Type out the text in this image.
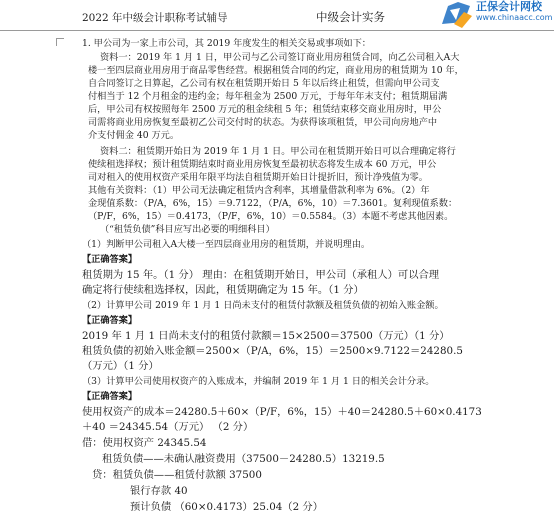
2022 年中级会计职称考试辅导	中级会计实务
正保会计网校
www.chinaacc.com
1. 甲公司为一家上市公司，其 2019 年度发生的相关交易或事项如下：
资料一：2019 年 1 月 1 日，甲公司与乙公司签订商业用房租赁合同，向乙公司租入A大
楼一至四层商业用房用于商品零售经营。根据租赁合同的约定，商业用房的租赁期为 10 年，
自合同签订之日算起，乙公司有权在租赁期开始日 5 年以后终止租赁，但需向甲公司支
付相当于 12 个月租金的违约金；每年租金为 2500 万元，于每年年末支付；租赁期届满
后，甲公司有权按照每年 2500 万元的租金续租 5 年；租赁结束移交商业用房时，甲公
司需将商业用房恢复至最初乙公司交付时的状态。为获得该项租赁，甲公司向房地产中
介支付佣金 40 万元。
资料二：租赁期开始日为 2019 年 1 月 1 日。甲公司在租赁期开始日可以合理确定将行
使续租选择权；预计租赁期结束时商业用房恢复至最初状态将发生成本 60 万元，甲公
司对租入的使用权资产采用年限平均法自租赁期开始日计提折旧，预计净残值为零。
其他有关资料：（1）甲公司无法确定租赁内含利率，其增量借款利率为 6%。（2）年
金现值系数：（P/A，6%，15）＝9.7122，（P/A，6%，10）＝7.3601。复利现值系数：
（P/F，6%，15）＝0.4173，（P/F，6%，10）＝0.5584。（3）本题不考虑其他因素。
（“租赁负债”科目应写出必要的明细科目）
（1）判断甲公司租入A大楼一至四层商业用房的租赁期，并说明理由。
【正确答案】
租赁期为 15 年。（1 分） 理由：在租赁期开始日，甲公司（承租人）可以合理
确定将行使续租选择权，因此，租赁期确定为 15 年。（1 分）
（2）计算甲公司 2019 年 1 月 1 日尚未支付的租赁付款额及租赁负债的初始入账金额。
【正确答案】
2019 年 1 月 1 日尚未支付的租赁付款额＝15×2500＝37500（万元）（1 分）
租赁负债的初始入账金额＝2500×（P/A，6%，15）＝2500×9.7122＝24280.5
（万元）（1 分）
（3）计算甲公司使用权资产的入账成本，并编制 2019 年 1 月 1 日的相关会计分录。
【正确答案】
使用权资产的成本＝24280.5＋60×（P/F，6%，15）＋40＝24280.5＋60×0.4173
＋40 ＝24345.54（万元） （2 分）
借：使用权资产 24345.54
租赁负债——未确认融资费用（37500－24280.5）13219.5
贷：租赁负债——租赁付款额 37500
银行存款 40
预计负债 （60×0.4173）25.04（2 分）
